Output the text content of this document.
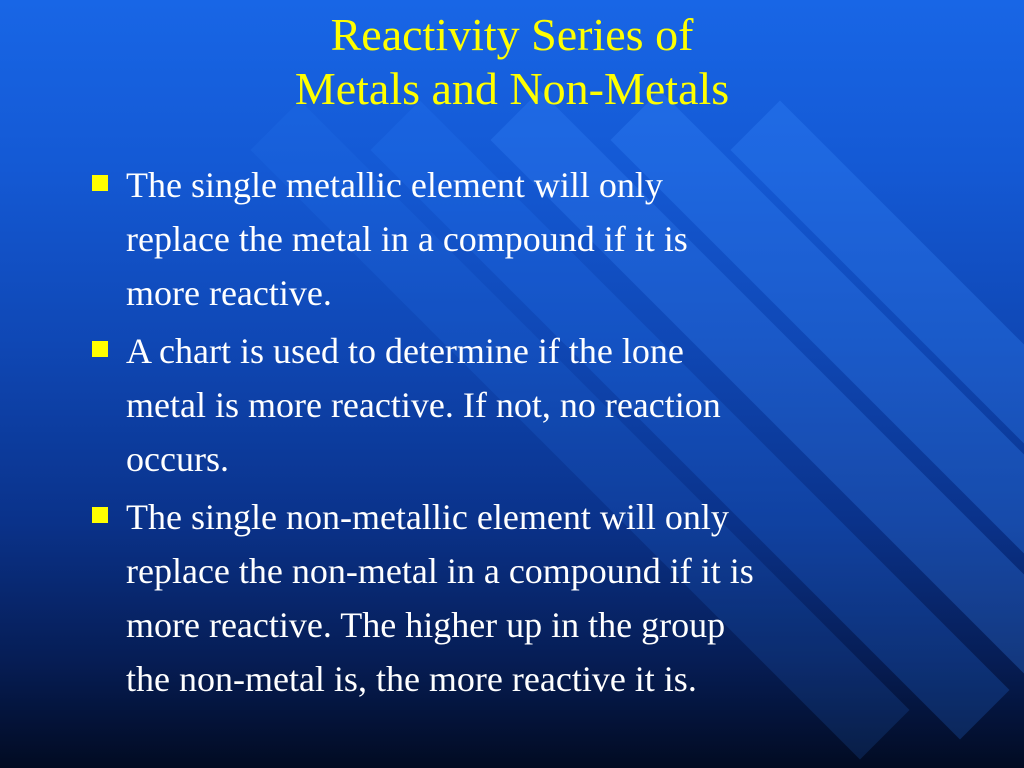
Reactivity Series of
Metals and Non-Metals
The single metallic element will only
replace the metal in a compound if it is
more reactive.
A chart is used to determine if the lone
metal is more reactive. If not, no reaction
occurs.
The single non-metallic element will only
replace the non-metal in a compound if it is
more reactive. The higher up in the group
the non-metal is, the more reactive it is.
